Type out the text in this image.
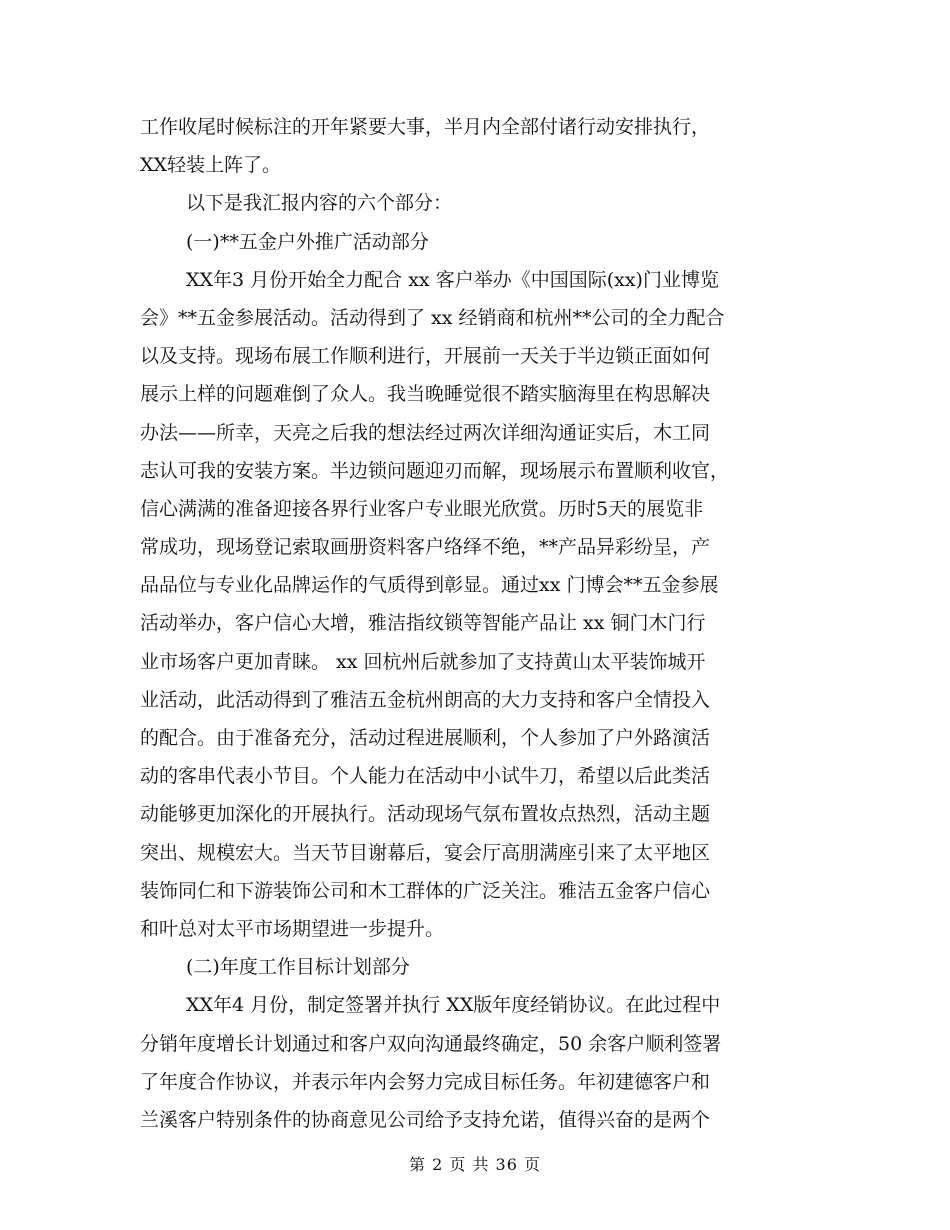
工作收尾时候标注的开年紧要大事，半月内全部付诸行动安排执行，
XX轻装上阵了。
以下是我汇报内容的六个部分：
(一)**五金户外推广活动部分
XX年3 月份开始全力配合 xx 客户举办《中国国际(xx)门业博览
会》**五金参展活动。活动得到了 xx 经销商和杭州**公司的全力配合
以及支持。现场布展工作顺利进行，开展前一天关于半边锁正面如何
展示上样的问题难倒了众人。我当晚睡觉很不踏实脑海里在构思解决
办法——所幸，天亮之后我的想法经过两次详细沟通证实后，木工同
志认可我的安装方案。半边锁问题迎刃而解，现场展示布置顺利收官，
信心满满的准备迎接各界行业客户专业眼光欣赏。历时5天的展览非
常成功，现场登记索取画册资料客户络绎不绝，**产品异彩纷呈，产
品品位与专业化品牌运作的气质得到彰显。通过xx 门博会**五金参展
活动举办，客户信心大增，雅洁指纹锁等智能产品让 xx 铜门木门行
业市场客户更加青睐。 xx 回杭州后就参加了支持黄山太平装饰城开
业活动，此活动得到了雅洁五金杭州朗高的大力支持和客户全情投入
的配合。由于准备充分，活动过程进展顺利，个人参加了户外路演活
动的客串代表小节目。个人能力在活动中小试牛刀，希望以后此类活
动能够更加深化的开展执行。活动现场气氛布置妆点热烈，活动主题
突出、规模宏大。当天节目谢幕后，宴会厅高朋满座引来了太平地区
装饰同仁和下游装饰公司和木工群体的广泛关注。雅洁五金客户信心
和叶总对太平市场期望进一步提升。
(二)年度工作目标计划部分
XX年4 月份，制定签署并执行 XX版年度经销协议。在此过程中
分销年度增长计划通过和客户双向沟通最终确定，50 余客户顺利签署
了年度合作协议，并表示年内会努力完成目标任务。年初建德客户和
兰溪客户特别条件的协商意见公司给予支持允诺，值得兴奋的是两个
第 2 页 共 36 页
